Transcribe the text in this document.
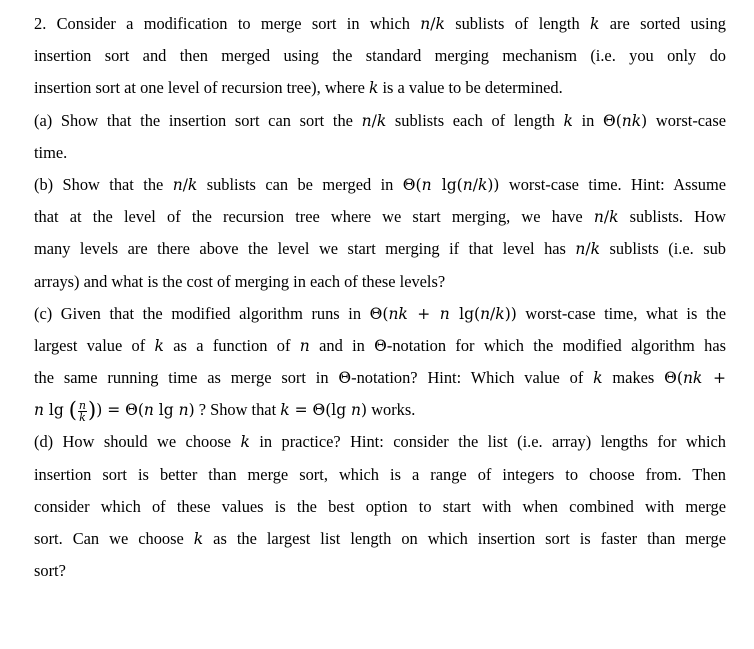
2. Consider a modification to merge sort in which n/k sublists of length k are sorted using
insertion sort and then merged using the standard merging mechanism (i.e. you only do
insertion sort at one level of recursion tree), where k is a value to be determined.
(a) Show that the insertion sort can sort the n/k sublists each of length k in Θ(nk) worst-case
time.
(b) Show that the n/k sublists can be merged in Θ(n lg(n/k)) worst-case time. Hint: Assume
that at the level of the recursion tree where we start merging, we have n/k sublists. How
many levels are there above the level we start merging if that level has n/k sublists (i.e. sub
arrays) and what is the cost of merging in each of these levels?
(c) Given that the modified algorithm runs in Θ(nk + n lg(n/k)) worst-case time, what is the
largest value of k as a function of n and in Θ-notation for which the modified algorithm has
the same running time as merge sort in Θ-notation? Hint: Which value of k makes Θ(nk +
n lg ( $\frac{n}{k}$ )) = Θ(n lg n) ? Show that k = Θ(lg n) works.
(d) How should we choose k in practice? Hint: consider the list (i.e. array) lengths for which
insertion sort is better than merge sort, which is a range of integers to choose from. Then
consider which of these values is the best option to start with when combined with merge
sort. Can we choose k as the largest list length on which insertion sort is faster than merge
sort?
